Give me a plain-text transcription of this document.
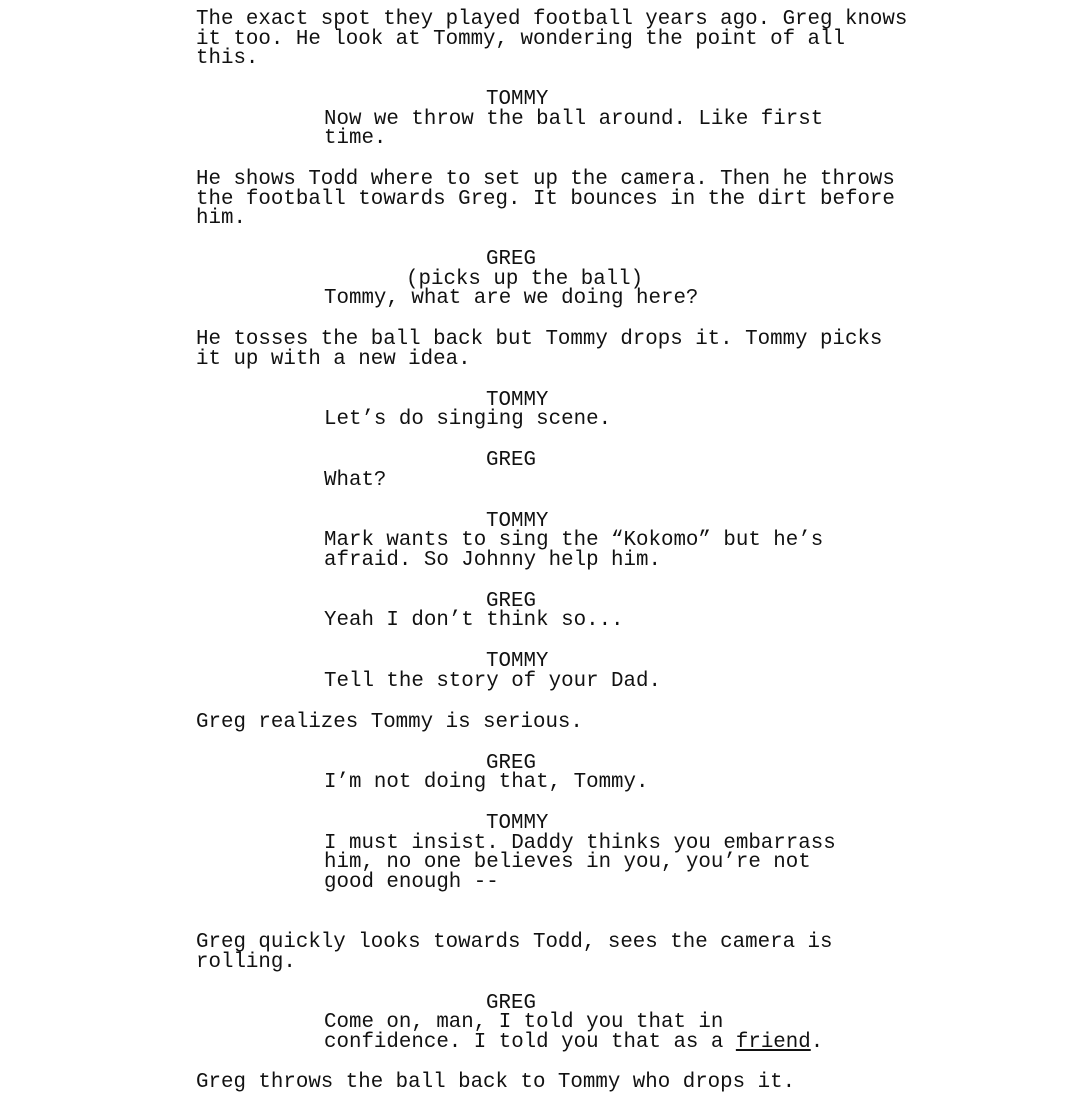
The exact spot they played football years ago. Greg knows
it too. He look at Tommy, wondering the point of all
this.
TOMMY
Now we throw the ball around. Like first
time.
He shows Todd where to set up the camera. Then he throws
the football towards Greg. It bounces in the dirt before
him.
GREG
(picks up the ball)
Tommy, what are we doing here?
He tosses the ball back but Tommy drops it. Tommy picks
it up with a new idea.
TOMMY
Let’s do singing scene.
GREG
What?
TOMMY
Mark wants to sing the “Kokomo” but he’s
afraid. So Johnny help him.
GREG
Yeah I don’t think so...
TOMMY
Tell the story of your Dad.
Greg realizes Tommy is serious.
GREG
I’m not doing that, Tommy.
TOMMY
I must insist. Daddy thinks you embarrass
him, no one believes in you, you’re not
good enough --
Greg quickly looks towards Todd, sees the camera is
rolling.
GREG
Come on, man, I told you that in
confidence. I told you that as a friend.
Greg throws the ball back to Tommy who drops it.
